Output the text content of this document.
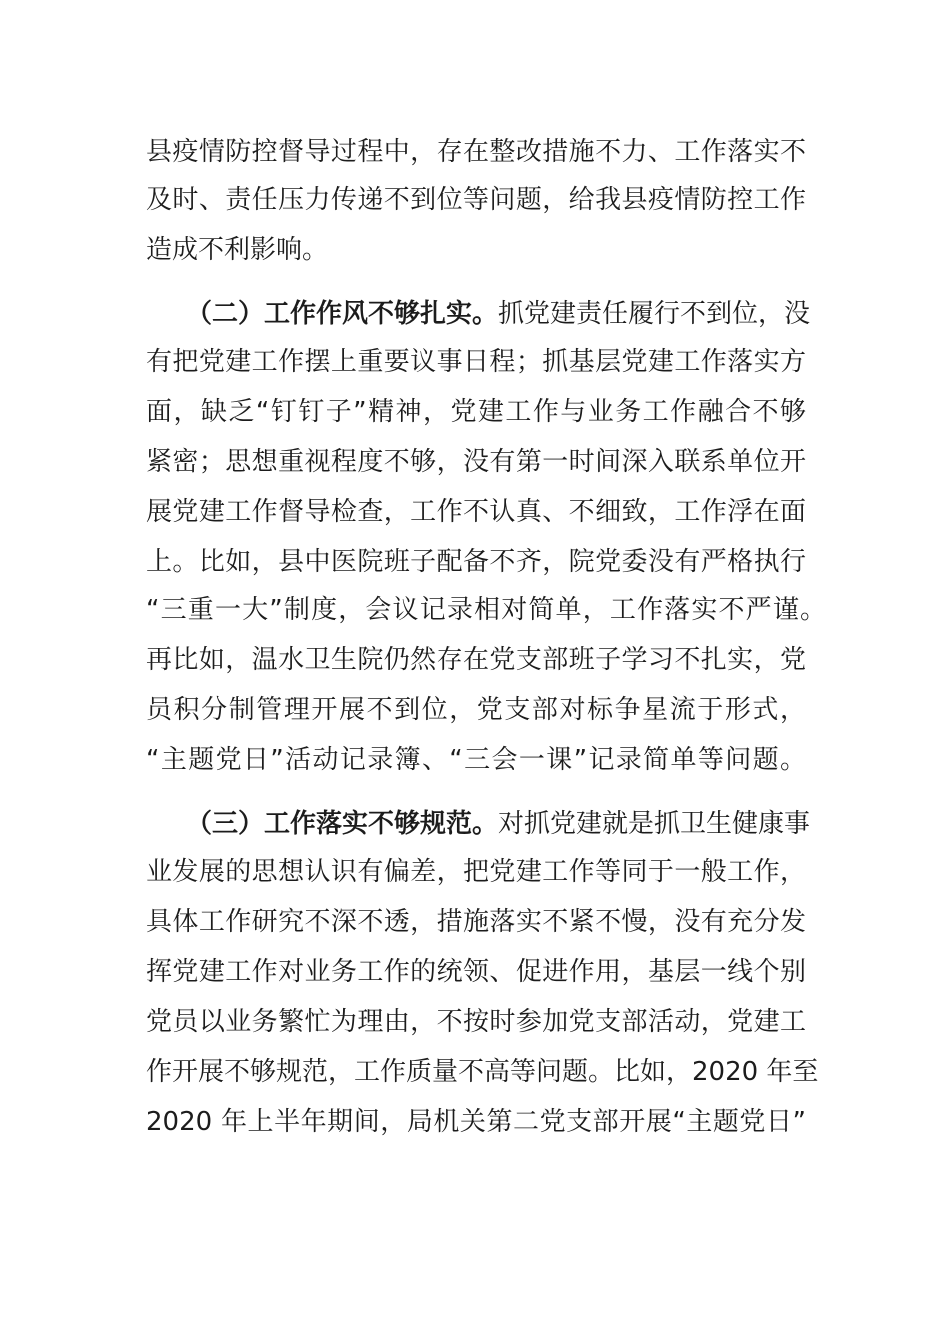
县疫情防控督导过程中，存在整改措施不力、工作落实不
及时、责任压力传递不到位等问题，给我县疫情防控工作
造成不利影响。
（二）工作作风不够扎实。抓党建责任履行不到位，没
有把党建工作摆上重要议事日程；抓基层党建工作落实方
面，缺乏“钉钉子”精神，党建工作与业务工作融合不够
紧密；思想重视程度不够，没有第一时间深入联系单位开
展党建工作督导检查，工作不认真、不细致，工作浮在面
上。比如，县中医院班子配备不齐，院党委没有严格执行
“三重一大”制度，会议记录相对简单，工作落实不严谨。
再比如，温水卫生院仍然存在党支部班子学习不扎实，党
员积分制管理开展不到位，党支部对标争星流于形式，
“主题党日”活动记录簿、“三会一课”记录简单等问题。
（三）工作落实不够规范。对抓党建就是抓卫生健康事
业发展的思想认识有偏差，把党建工作等同于一般工作，
具体工作研究不深不透，措施落实不紧不慢，没有充分发
挥党建工作对业务工作的统领、促进作用，基层一线个别
党员以业务繁忙为理由，不按时参加党支部活动，党建工
作开展不够规范，工作质量不高等问题。比如，2020 年至
2020 年上半年期间，局机关第二党支部开展“主题党日”
